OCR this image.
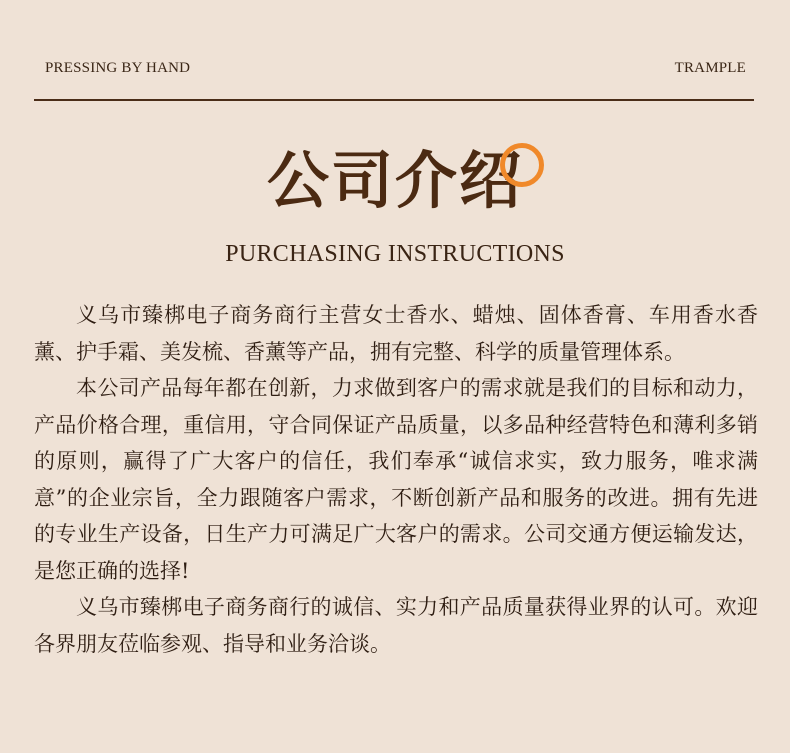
PRESSING BY HAND	TRAMPLE
公司介绍
PURCHASING INSTRUCTIONS

义乌市臻梆电子商务商行主营女士香水、蜡烛、固体香膏、车用香水香薰、护手霜、美发梳、香薰等产品，拥有完整、科学的质量管理体系。

本公司产品每年都在创新，力求做到客户的需求就是我们的目标和动力，产品价格合理，重信用，守合同保证产品质量，以多品种经营特色和薄利多销的原则，赢得了广大客户的信任，我们奉承“诚信求实，致力服务，唯求满意”的企业宗旨，全力跟随客户需求，不断创新产品和服务的改进。拥有先进的专业生产设备，日生产力可满足广大客户的需求。公司交通方便运输发达，是您正确的选择!

义乌市臻梆电子商务商行的诚信、实力和产品质量获得业界的认可。欢迎各界朋友莅临参观、指导和业务洽谈。
